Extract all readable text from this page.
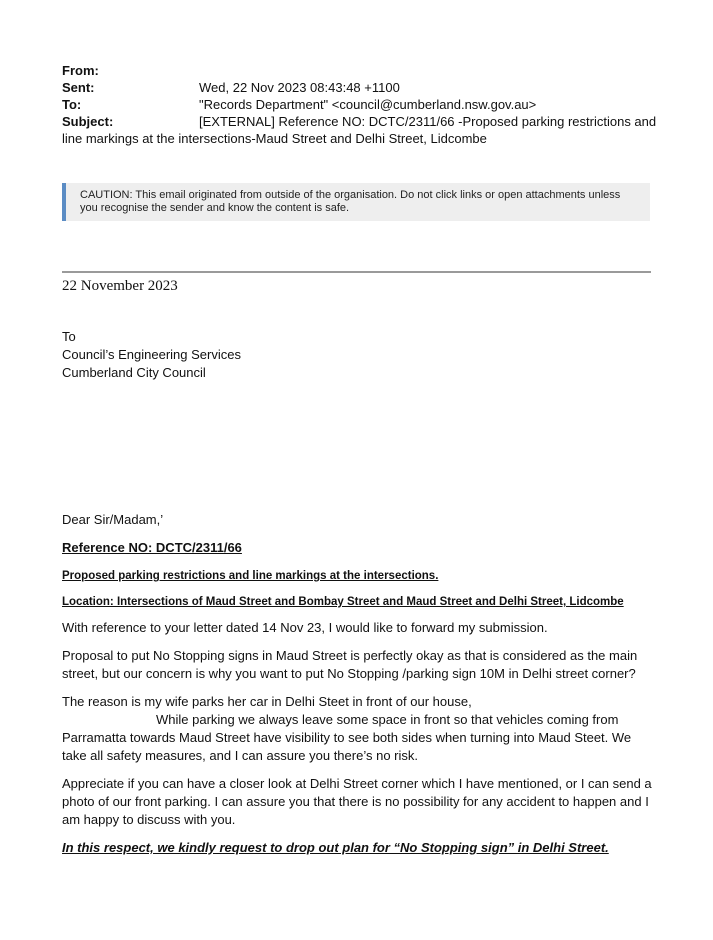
From:
Sent:	Wed, 22 Nov 2023 08:43:48 +1100
To:	"Records Department" <council@cumberland.nsw.gov.au>
Subject:	[EXTERNAL] Reference NO: DCTC/2311/66 -Proposed parking restrictions and
line markings at the intersections-Maud Street and Delhi Street, Lidcombe
CAUTION: This email originated from outside of the organisation. Do not click links or open attachments unless
you recognise the sender and know the content is safe.
22 November 2023
To
Council’s Engineering Services
Cumberland City Council

Dear Sir/Madam,’

Reference NO: DCTC/2311/66

Proposed parking restrictions and line markings at the intersections.

Location: Intersections of Maud Street and Bombay Street and Maud Street and Delhi Street, Lidcombe

With reference to your letter dated 14 Nov 23, I would like to forward my submission.

Proposal to put No Stopping signs in Maud Street is perfectly okay as that is considered as the main

street, but our concern is why you want to put No Stopping /parking sign 10M in Delhi street corner?

The reason is my wife parks her car in Delhi Steet in front of our house,

While parking we always leave some space in front so that vehicles coming from

Parramatta towards Maud Street have visibility to see both sides when turning into Maud Steet. We

take all safety measures, and I can assure you there’s no risk.

Appreciate if you can have a closer look at Delhi Street corner which I have mentioned, or I can send a

photo of our front parking. I can assure you that there is no possibility for any accident to happen and I

am happy to discuss with you.

In this respect, we kindly request to drop out plan for “No Stopping sign” in Delhi Street.
